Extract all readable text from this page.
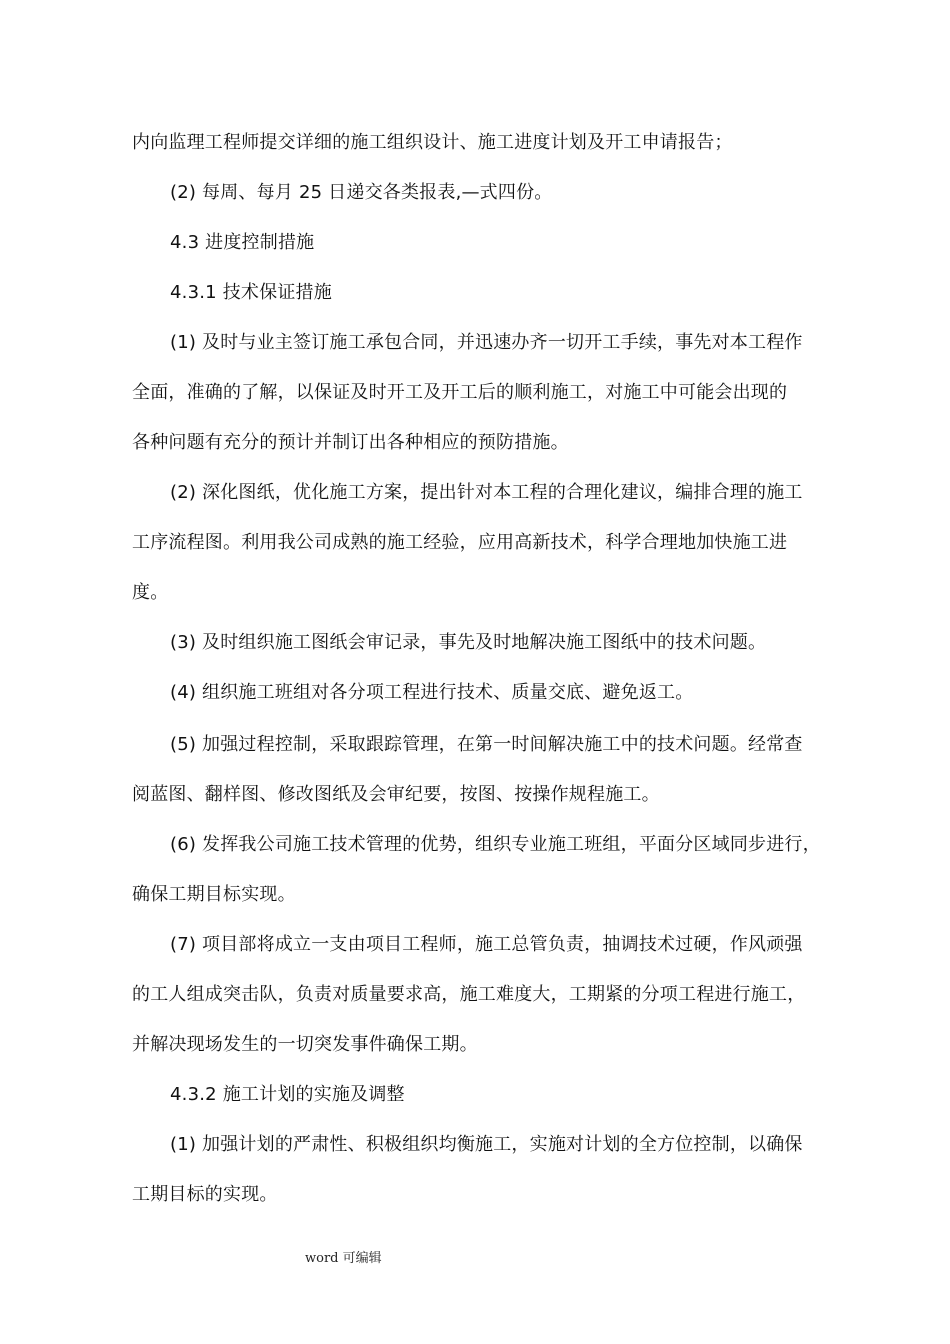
内向监理工程师提交详细的施工组织设计、施工进度计划及开工申请报告；
(2) 每周、每月 25 日递交各类报表,—式四份。
4.3 进度控制措施
4.3.1 技术保证措施
(1) 及时与业主签订施工承包合同，并迅速办齐一切开工手续，事先对本工程作
全面，准确的了解，以保证及时开工及开工后的顺利施工，对施工中可能会出现的
各种问题有充分的预计并制订出各种相应的预防措施。
(2) 深化图纸，优化施工方案，提出针对本工程的合理化建议，编排合理的施工
工序流程图。利用我公司成熟的施工经验，应用高新技术，科学合理地加快施工进
度。
(3) 及时组织施工图纸会审记录，事先及时地解决施工图纸中的技术问题。
(4) 组织施工班组对各分项工程进行技术、质量交底、避免返工。
(5) 加强过程控制，采取跟踪管理，在第一时间解决施工中的技术问题。经常查
阅蓝图、翻样图、修改图纸及会审纪要，按图、按操作规程施工。
(6) 发挥我公司施工技术管理的优势，组织专业施工班组，平面分区域同步进行，
确保工期目标实现。
(7) 项目部将成立一支由项目工程师，施工总管负责，抽调技术过硬，作风顽强
的工人组成突击队，负责对质量要求高，施工难度大，工期紧的分项工程进行施工，
并解决现场发生的一切突发事件确保工期。
4.3.2 施工计划的实施及调整
(1) 加强计划的严肃性、积极组织均衡施工，实施对计划的全方位控制，以确保
工期目标的实现。
word 可编辑
